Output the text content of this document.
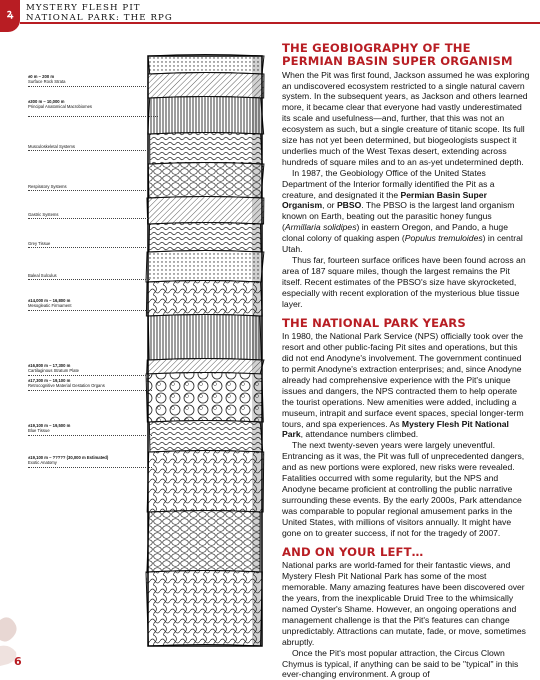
ꝝ	MYSTERY FLESH PIT
NATIONAL PARK: THE RPG
±0 m – 200 m
Surface Rock Strata
±300 m – 10,000 m
Principal Anatomical Macrobiomes
Musculoskeletal Systems
Respiratory Systems
Gastric Systems
Grey Tissue
Baleal Sulculus
±14,000 m – 16,800 m
Mesogleatic Firmament
±16,800 m – 17,300 m
Cartilaginous Stratum Plate
±17,300 m – 19,100 m
Retrocognitive Material Gestation Organs
±19,100 m – 19,500 m
Blue Tissue
±19,100 m – ????? (30,000 m Estimated)
Exotic Anatomy
THE GEOBIOGRAPHY OF THE
PERMIAN BASIN SUPER ORGANISM

When the Pit was first found, Jackson assumed he was exploring an undiscovered ecosystem restricted to a single natural cavern system. In the subsequent years, as Jackson and others learned more, it became clear that everyone had vastly underestimated its scale and usefulness—and, further, that this was not an ecosystem as such, but a single creature of titanic scope. Its full size has not yet been determined, but biogeologists suspect it underlies much of the West Texas desert, extending across hundreds of square miles and to an as-yet undetermined depth.

In 1987, the Geobiology Office of the United States Department of the Interior formally identified the Pit as a creature, and designated it the Permian Basin Super Organism, or PBSO. The PBSO is the largest land organism known on Earth, beating out the parasitic honey fungus (Armillaria solidipes) in eastern Oregon, and Pando, a huge clonal colony of quaking aspen (Populus tremuloides) in central Utah.

Thus far, fourteen surface orifices have been found across an area of 187 square miles, though the largest remains the Pit itself. Recent estimates of the PBSO's size have skyrocketed, especially with recent exploration of the mysterious blue tissue layer.

THE NATIONAL PARK YEARS

In 1980, the National Park Service (NPS) officially took over the resort and other public-facing Pit sites and operations, but this did not end Anodyne's involvement. The government continued to permit Anodyne's extraction enterprises; and, since Anodyne already had comprehensive experience with the Pit's unique issues and dangers, the NPS contracted them to help operate the tourist operations. New amenities were added, including a museum, intrapit and surface event spaces, special longer-term tours, and spa experiences. As Mystery Flesh Pit National Park, attendance numbers climbed.

The next twenty-seven years were largely uneventful. Entrancing as it was, the Pit was full of unprecedented dangers, and as new portions were explored, new risks were revealed. Fatalities occurred with some regularity, but the NPS and Anodyne became proficient at controlling the public narrative surrounding these events. By the early 2000s, Park attendance was comparable to popular regional amusement parks in the United States, with millions of visitors annually. It might have gone on to greater success, if not for the tragedy of 2007.

AND ON YOUR LEFT…

National parks are world-famed for their fantastic views, and Mystery Flesh Pit National Park has some of the most memorable. Many amazing features have been discovered over the years, from the inexplicable Druid Tree to the whimsically named Oyster's Shame. However, an ongoing operations and management challenge is that the Pit's features can change unpredictably. Attractions can mutate, fade, or move, sometimes abruptly.

Once the Pit's most popular attraction, the Circus Clown Chymus is typical, if anything can be said to be "typical" in this ever-changing environment. A group of

6
